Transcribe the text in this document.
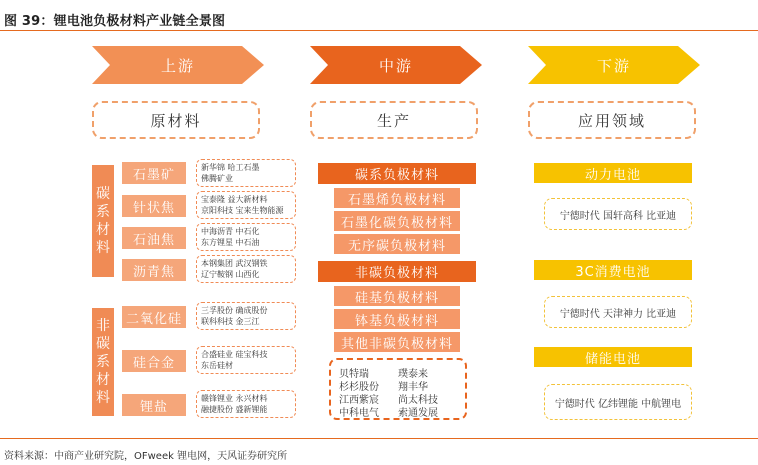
图 39：锂电池负极材料产业链全景图
上游	中游	下游
原材料	生产	应用领域
碳系材料
石墨矿	新华锦 哈工石墨
佛腾矿业
针状焦
宝泰隆 益大新材料
京阳科技 宝来生物能源
石油焦
中海沥青 中石化
东方锂星 中石油
沥青焦
本钢集团 武汉钢铁
辽宁鞍钢 山西化
非碳系材料
二氧化硅
三孚股份 确成股份
联科科技 金三江
硅合金
合盛硅业 硅宝科技
东岳硅材
锂盐
赣锋锂业 永兴材料
融捷股份 盛新锂能
碳系负极材料
石墨烯负极材料
石墨化碳负极材料
无序碳负极材料
非碳负极材料
硅基负极材料
钵基负极材料
其他非碳负极材料
贝特瑞	璞泰来
杉杉股份	翔丰华
江西紫宸	尚太科技
中科电气	索通发展
动力电池
宁德时代 国轩高科 比亚迪
3C消费电池
宁德时代 天津神力 比亚迪
储能电池
宁德时代 亿纬锂能 中航锂电
资料来源：中商产业研究院，OFweek 锂电网，天风证券研究所
